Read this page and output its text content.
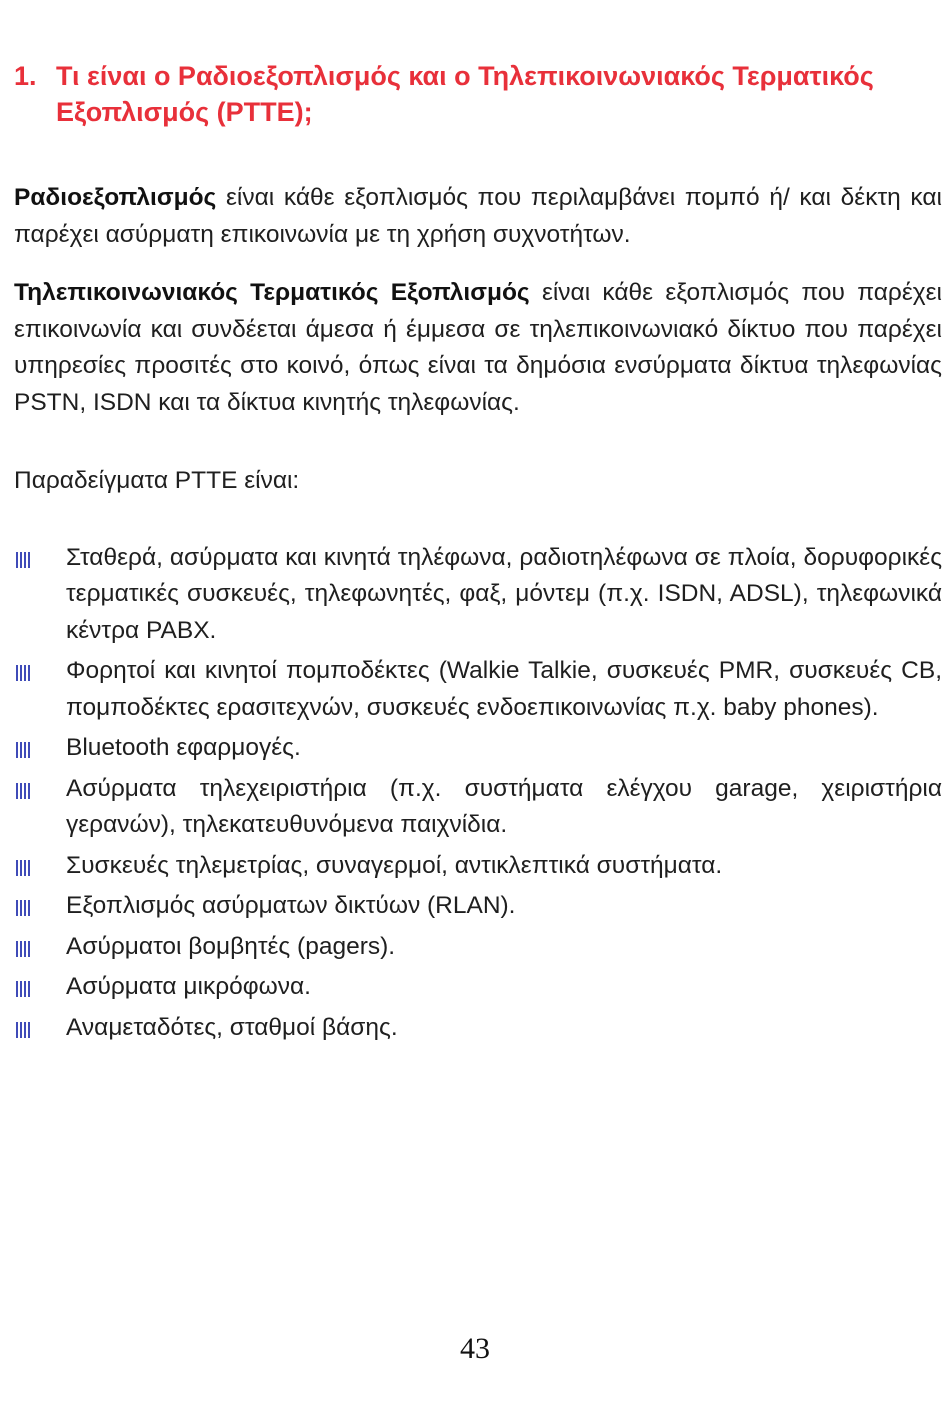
1. Τι είναι ο Ραδιοεξοπλισμός και ο Τηλεπικοινωνιακός Τερματικός Εξοπλισμός (PTTE);

Ραδιοεξοπλισμός είναι κάθε εξοπλισμός που περιλαμβάνει πομπό ή/ και δέκτη και παρέχει ασύρματη επικοινωνία με τη χρήση συχνοτήτων.

Τηλεπικοινωνιακός Τερματικός Εξοπλισμός είναι κάθε εξοπλισμός που παρέχει επικοινωνία και συνδέεται άμεσα ή έμμεσα σε τηλεπικοινωνιακό δίκτυο που παρέχει υπηρεσίες προσιτές στο κοινό, όπως είναι τα δημόσια ενσύρματα δίκτυα τηλεφωνίας PSTN, ISDN και τα δίκτυα κινητής τηλεφωνίας.

Παραδείγματα PTTE είναι:

Σταθερά, ασύρματα και κινητά τηλέφωνα, ραδιοτηλέφωνα σε πλοία, δορυφορικές τερματικές συσκευές, τηλεφωνητές, φαξ, μόντεμ (π.χ. ISDN, ADSL), τηλεφωνικά κέντρα PABX.
Φορητοί και κινητοί πομποδέκτες (Walkie Talkie, συσκευές PMR, συσκευές CB, πομποδέκτες ερασιτεχνών, συσκευές ενδοεπικοινωνίας π.χ. baby phones).
Bluetooth εφαρμογές.
Ασύρματα τηλεχειριστήρια (π.χ. συστήματα ελέγχου garage, χειριστήρια γερανών), τηλεκατευθυνόμενα παιχνίδια.
Συσκευές τηλεμετρίας, συναγερμοί, αντικλεπτικά συστήματα.
Εξοπλισμός ασύρματων δικτύων (RLAN).
Ασύρματοι βομβητές (pagers).
Ασύρματα μικρόφωνα.
Αναμεταδότες, σταθμοί βάσης.
43
